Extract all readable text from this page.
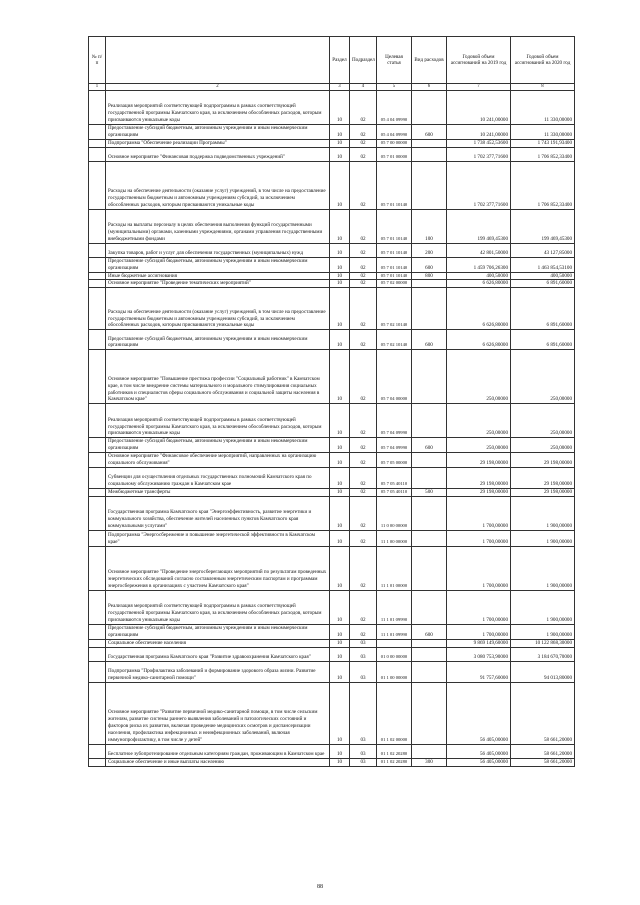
№ п/п		Раздел	Подраздел	Целевая статья	Вид расходов	Годовой объем ассигнований на 2019 год	Годовой объем ассигнований на 2020 год
1	2	3	4	5	6	7	8
	Реализация мероприятий соответствующей подпрограммы в рамках соответствующей государственной программы Камчатского края, за исключением обособленных расходов, которым присваиваются уникальные коды	10	02	05 4 04 09990		10 241,00000	11 330,00000
	Предоставление субсидий бюджетным, автономным учреждениям и иным некоммерческим организациям	10	02	05 4 04 09990	600	10 241,00000	11 330,00000
	Подпрограмма "Обеспечение реализации Программы"	10	02	05 7 00 00000		1 738 452,53600	1 743 191,93400
	Основное мероприятие "Финансовая поддержка подведомственных учреждений"	10	02	05 7 01 00000		1 702 377,71600	1 706 852,33400
	Расходы на обеспечение деятельности (оказание услуг) учреждений, в том числе на предоставление государственным бюджетным и автономным учреждениям субсидий, за исключением обособленных расходов, которым присваиваются уникальные коды	10	02	05 7 01 10140		1 702 377,71600	1 706 852,33400
	Расходы на выплаты персоналу в целях обеспечения выполнения функций государственными (муниципальными) органами, казенными учреждениями, органами управления государственными внебюджетными фондами	10	02	05 7 01 10140	100	199 469,45300	199 469,45300
	Закупка товаров, работ и услуг для обеспечения государственных (муниципальных) нужд	10	02	05 7 01 10140	200	42 801,50000	43 127,85000
	Предоставление субсидий бюджетным, автономным учреждениям и иным некоммерческим организациям	10	02	05 7 01 10140	600	1 459 706,26300	1 463 854,53100
	Иные бюджетные ассигнования	10	02	05 7 01 10140	800	400,50000	400,50000
	Основное мероприятие "Проведение тематических мероприятий"	10	02	05 7 02 00000		6 626,80000	6 891,60000
	Расходы на обеспечение деятельности (оказание услуг) учреждений, в том числе на предоставление государственным бюджетным и автономным учреждениям субсидий, за исключением обособленных расходов, которым присваиваются уникальные коды	10	02	05 7 02 10140		6 626,80000	6 891,60000
	Предоставление субсидий бюджетным, автономным учреждениям и иным некоммерческим организациям	10	02	05 7 02 10140	600	6 626,80000	6 891,60000
	Основное мероприятие "Повышение престижа профессии "Социальный работник" в Камчатском крае, в том числе внедрение системы материального и морального стимулирования социальных работников и специалистов сферы социального обслуживания и социальной защиты населения в Камчатском крае"	10	02	05 7 04 00000		250,00000	250,00000
	Реализация мероприятий соответствующей подпрограммы в рамках соответствующей государственной программы Камчатского края, за исключением обособленных расходов, которым присваиваются уникальные коды	10	02	05 7 04 09990		250,00000	250,00000
	Предоставление субсидий бюджетным, автономным учреждениям и иным некоммерческим организациям	10	02	05 7 04 09990	600	250,00000	250,00000
	Основное мероприятие "Финансовое обеспечение мероприятий, направленных на организацию социального обслуживания"	10	02	05 7 05 00000		29 198,00000	29 198,00000
	Субвенции для осуществления отдельных государственных полномочий Камчатского края по социальному обслуживанию граждан в Камчатском крае	10	02	05 7 05 40110		29 198,00000	29 198,00000
	Межбюджетные трансферты	10	02	05 7 05 40110	500	29 198,00000	29 198,00000
	Государственная программа Камчатского края "Энергоэффективность, развитие энергетики и коммунального хозяйства, обеспечение жителей населенных пунктов Камчатского края коммунальными услугами"	10	02	11 0 00 00000		1 700,00000	1 900,00000
	Подпрограмма "Энергосбережение и повышение энергетической эффективности в Камчатском крае"	10	02	11 1 00 00000		1 700,00000	1 900,00000
	Основное мероприятие "Проведение энергосберегающих мероприятий по результатам проведенных энергетических обследований согласно составленным энергетическим паспортам и программам энергосбережения в организациях с участием Камчатского края"	10	02	11 1 01 00000		1 700,00000	1 900,00000
	Реализация мероприятий соответствующей подпрограммы в рамках соответствующей государственной программы Камчатского края, за исключением обособленных расходов, которым присваиваются уникальные коды	10	02	11 1 01 09990		1 700,00000	1 900,00000
	Предоставление субсидий бюджетным, автономным учреждениям и иным некоммерческим организациям	10	02	11 1 01 09990	600	1 700,00000	1 900,00000
	Социальное обеспечение населения	10	03			9 869 149,60000	10 122 868,30000
	Государственная программа Камчатского края "Развитие здравоохранения Камчатского края"	10	03	01 0 00 00000		3 080 753,90000	3 184 670,70000
	Подпрограмма "Профилактика заболеваний и формирование здорового образа жизни. Развитие первичной медико-санитарной помощи"	10	03	01 1 00 00000		91 757,60000	94 013,80000
	Основное мероприятие "Развитие первичной медико-санитарной помощи, в том числе сельским жителям, развитие системы раннего выявления заболеваний и патологических состояний и факторов риска их развития, включая проведение медицинских осмотров и диспансеризации населения, профилактика инфекционных и неинфекционных заболеваний, включая иммунопрофилактику, в том числе у детей"	10	03	01 1 02 00000		56 405,00000	58 661,20000
	Бесплатное зубопротезирование отдельным категориям граждан, проживающим в Камчатском крае	10	03	01 1 02 20280		56 405,00000	58 661,20000
	Социальное обеспечение и иные выплаты населению	10	03	01 1 02 20280	300	56 405,00000	58 661,20000
88
